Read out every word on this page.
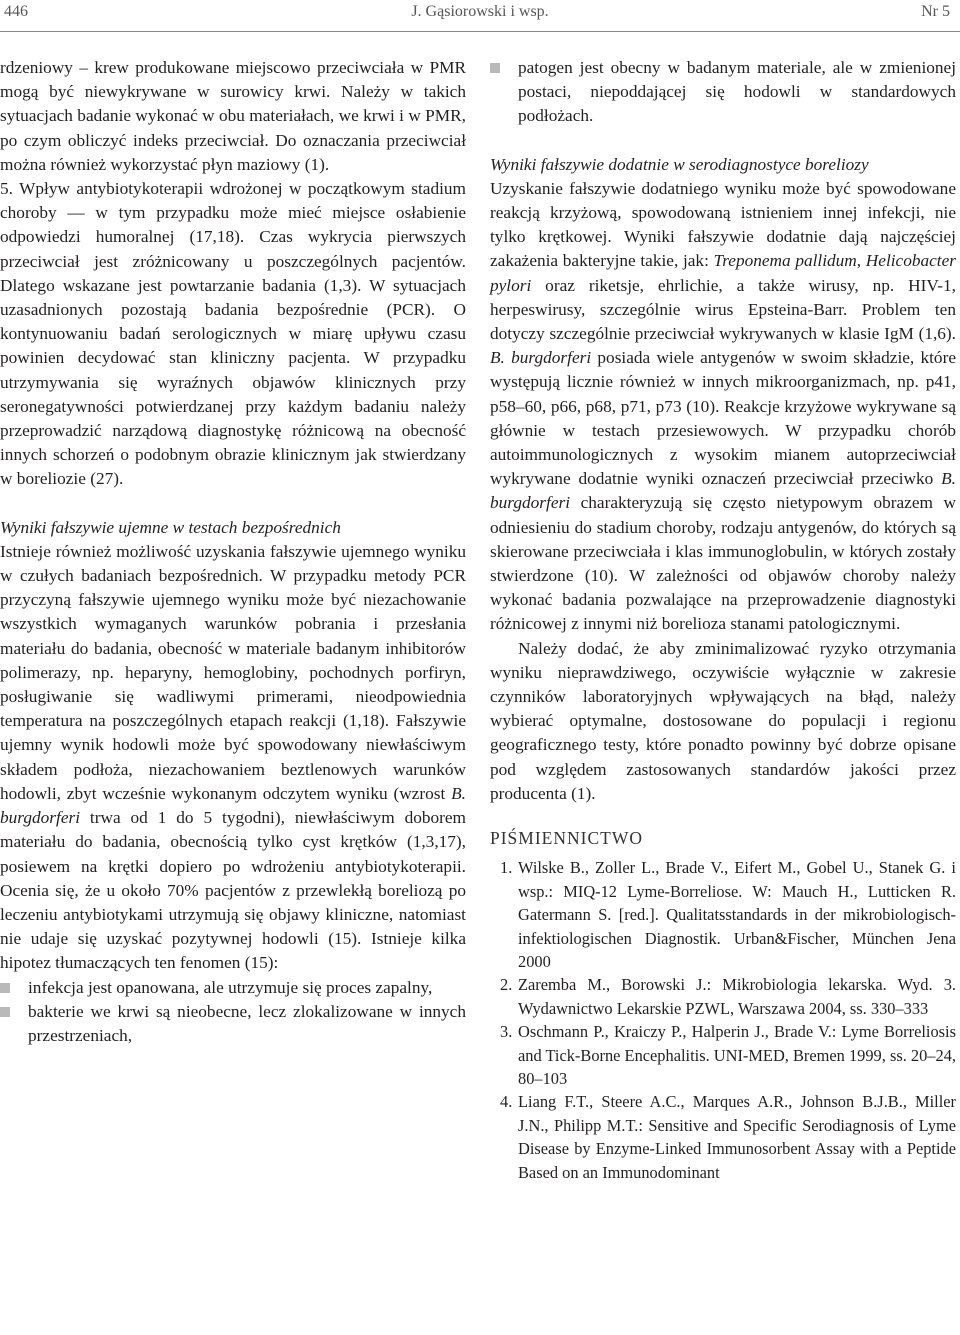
446	J. Gąsiorowski i wsp.	Nr 5

rdzeniowy – krew produkowane miejscowo przeciwciała w PMR mogą być niewykrywane w surowicy krwi. Należy w takich sytuacjach badanie wykonać w obu materiałach, we krwi i w PMR, po czym obliczyć indeks przeciwciał. Do oznaczania przeciwciał można również wykorzystać płyn maziowy (1).

5. Wpływ antybiotykoterapii wdrożonej w początkowym stadium choroby — w tym przypadku może mieć miejsce osłabienie odpowiedzi humoralnej (17,18). Czas wykrycia pierwszych przeciwciał jest zróżnicowany u poszczególnych pacjentów. Dlatego wskazane jest powtarzanie badania (1,3). W sytuacjach uzasadnionych pozostają badania bezpośrednie (PCR). O kontynuowaniu badań serologicznych w miarę upływu czasu powinien decydować stan kliniczny pacjenta. W przypadku utrzymywania się wyraźnych objawów klinicznych przy seronegatywności potwierdzanej przy każdym badaniu należy przeprowadzić narządową diagnostykę różnicową na obecność innych schorzeń o podobnym obrazie klinicznym jak stwierdzany w boreliozie (27).

Wyniki fałszywie ujemne w testach bezpośrednich

Istnieje również możliwość uzyskania fałszywie ujemnego wyniku w czułych badaniach bezpośrednich. W przypadku metody PCR przyczyną fałszywie ujemnego wyniku może być niezachowanie wszystkich wymaganych warunków pobrania i przesłania materiału do badania, obecność w materiale badanym inhibitorów polimerazy, np. heparyny, hemoglobiny, pochodnych porfiryn, posługiwanie się wadliwymi primerami, nieodpowiednia temperatura na poszczególnych etapach reakcji (1,18). Fałszywie ujemny wynik hodowli może być spowodowany niewłaściwym składem podłoża, niezachowaniem beztlenowych warunków hodowli, zbyt wcześnie wykonanym odczytem wyniku (wzrost B. burgdorferi trwa od 1 do 5 tygodni), niewłaściwym doborem materiału do badania, obecnością tylko cyst krętków (1,3,17), posiewem na krętki dopiero po wdrożeniu antybiotykoterapii. Ocenia się, że u około 70% pacjentów z przewlekłą boreliozą po leczeniu antybiotykami utrzymują się objawy kliniczne, natomiast nie udaje się uzyskać pozytywnej hodowli (15). Istnieje kilka hipotez tłumaczących ten fenomen (15):

infekcja jest opanowana, ale utrzymuje się proces zapalny,
bakterie we krwi są nieobecne, lecz zlokalizowane w innych przestrzeniach,
patogen jest obecny w badanym materiale, ale w zmienionej postaci, niepoddającej się hodowli w standardowych podłożach.

Wyniki fałszywie dodatnie w serodiagnostyce boreliozy

Uzyskanie fałszywie dodatniego wyniku może być spowodowane reakcją krzyżową, spowodowaną istnieniem innej infekcji, nie tylko krętkowej. Wyniki fałszywie dodatnie dają najczęściej zakażenia bakteryjne takie, jak: Treponema pallidum, Helicobacter pylori oraz riketsje, ehrlichie, a także wirusy, np. HIV-1, herpeswirusy, szczególnie wirus Epsteina-Barr. Problem ten dotyczy szczególnie przeciwciał wykrywanych w klasie IgM (1,6). B. burgdorferi posiada wiele antygenów w swoim składzie, które występują licznie również w innych mikroorganizmach, np. p41, p58–60, p66, p68, p71, p73 (10). Reakcje krzyżowe wykrywane są głównie w testach przesiewowych. W przypadku chorób autoimmunologicznych z wysokim mianem autoprzeciwciał wykrywane dodatnie wyniki oznaczeń przeciwciał przeciwko B. burgdorferi charakteryzują się często nietypowym obrazem w odniesieniu do stadium choroby, rodzaju antygenów, do których są skierowane przeciwciała i klas immunoglobulin, w których zostały stwierdzone (10). W zależności od objawów choroby należy wykonać badania pozwalające na przeprowadzenie diagnostyki różnicowej z innymi niż borelioza stanami patologicznymi.

Należy dodać, że aby zminimalizować ryzyko otrzymania wyniku nieprawdziwego, oczywiście wyłącznie w zakresie czynników laboratoryjnych wpływających na błąd, należy wybierać optymalne, dostosowane do populacji i regionu geograficznego testy, które ponadto powinny być dobrze opisane pod względem zastosowanych standardów jakości przez producenta (1).

PIŚMIENNICTWO

1. Wilske B., Zoller L., Brade V., Eifert M., Gobel U., Stanek G. i wsp.: MIQ-12 Lyme-Borreliose. W: Mauch H., Lutticken R. Gatermann S. [red.]. Qualitatsstandards in der mikrobiologisch-infektiologischen Diagnostik. Urban&Fischer, München Jena 2000
2. Zaremba M., Borowski J.: Mikrobiologia lekarska. Wyd. 3. Wydawnictwo Lekarskie PZWL, Warszawa 2004, ss. 330–333
3. Oschmann P., Kraiczy P., Halperin J., Brade V.: Lyme Borreliosis and Tick-Borne Encephalitis. UNI-MED, Bremen 1999, ss. 20–24, 80–103
4. Liang F.T., Steere A.C., Marques A.R., Johnson B.J.B., Miller J.N., Philipp M.T.: Sensitive and Specific Serodiagnosis of Lyme Disease by Enzyme-Linked Immunosorbent Assay with a Peptide Based on an Immunodominant
